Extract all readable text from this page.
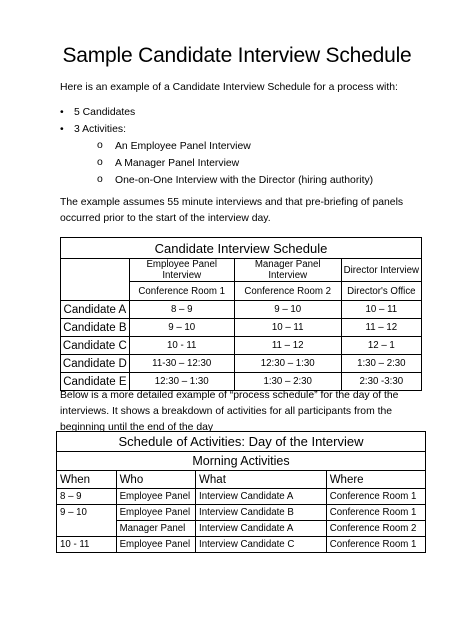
Sample Candidate Interview Schedule
Here is an example of a Candidate Interview Schedule for a process with:
• 5 Candidates
• 3 Activities:
o An Employee Panel Interview
o A Manager Panel Interview
o One-on-One Interview with the Director (hiring authority)
The example assumes 55 minute interviews and that pre-briefing of panels occurred prior to the start of the interview day.
Candidate Interview Schedule			
	Employee Panel Interview	Manager Panel Interview	Director Interview
	Conference Room 1	Conference Room 2	Director's Office
Candidate A	8 – 9	9 – 10	10 – 11
Candidate B	9 – 10	10 – 11	11 – 12
Candidate C	10 - 11	11 – 12	12 – 1
Candidate D	11-30 – 12:30	12:30 – 1:30	1:30 – 2:30
Candidate E	12:30 – 1:30	1:30 – 2:30	2:30 -3:30
Below is a more detailed example of “process schedule” for the day of the interviews. It shows a breakdown of activities for all participants from the beginning until the end of the day
Schedule of Activities: Day of the Interview			
Morning Activities			
When	Who	What	Where
8 – 9	Employee Panel	Interview Candidate A	Conference Room 1
9 – 10	Employee Panel	Interview Candidate B	Conference Room 1
	Manager Panel	Interview Candidate A	Conference Room 2
10 - 11	Employee Panel	Interview Candidate C	Conference Room 1
